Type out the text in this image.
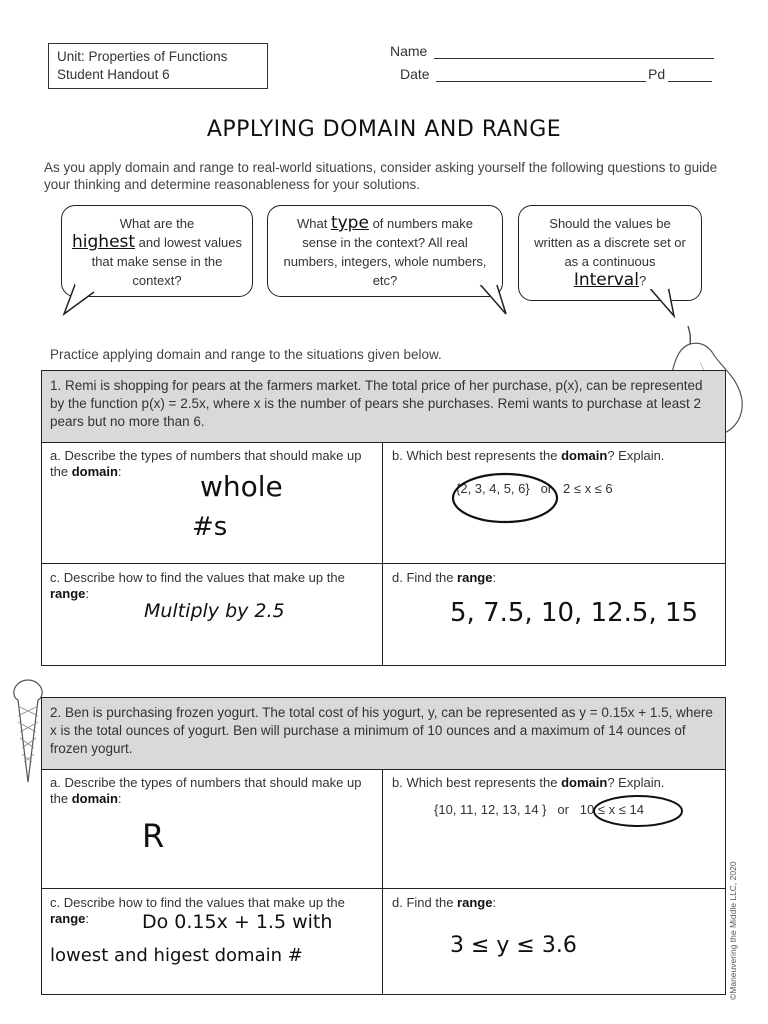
Unit: Properties of Functions
Student Handout 6
Name
Date	Pd
APPLYING DOMAIN AND RANGE
As you apply domain and range to real-world situations, consider asking yourself the following questions to guide your thinking and determine reasonableness for your solutions.
What are the
highest and lowest values that make sense in the context?
What type of numbers make sense in the context? All real numbers, integers, whole numbers, etc?
Should the values be written as a discrete set or as a continuous
Interval?
Practice applying domain and range to the situations given below.
1. Remi is shopping for pears at the farmers market. The total price of her purchase, p(x), can be represented by the function p(x) = 2.5x, where x is the number of pears she purchases. Remi wants to purchase at least 2 pears but no more than 6.
a. Describe the types of numbers that should make up the domain:	whole
#s
b. Which best represents the domain? Explain.
{2, 3, 4, 5, 6} or 2 ≤ x ≤ 6
c. Describe how to find the values that make up the range:
Multiply by 2.5
d. Find the range:
5, 7.5, 10, 12.5, 15
2. Ben is purchasing frozen yogurt. The total cost of his yogurt, y, can be represented as y = 0.15x + 1.5, where x is the total ounces of yogurt. Ben will purchase a minimum of 10 ounces and a maximum of 14 ounces of frozen yogurt.
a. Describe the types of numbers that should make up the domain:
R
b. Which best represents the domain? Explain.
{10, 11, 12, 13, 14 } or 10 ≤ x ≤ 14
c. Describe how to find the values that make up the range:	Do 0.15x + 1.5 with
lowest and higest domain #
d. Find the range:
3 ≤ y ≤ 3.6	©Maneuvering the Middle LLC, 2020
